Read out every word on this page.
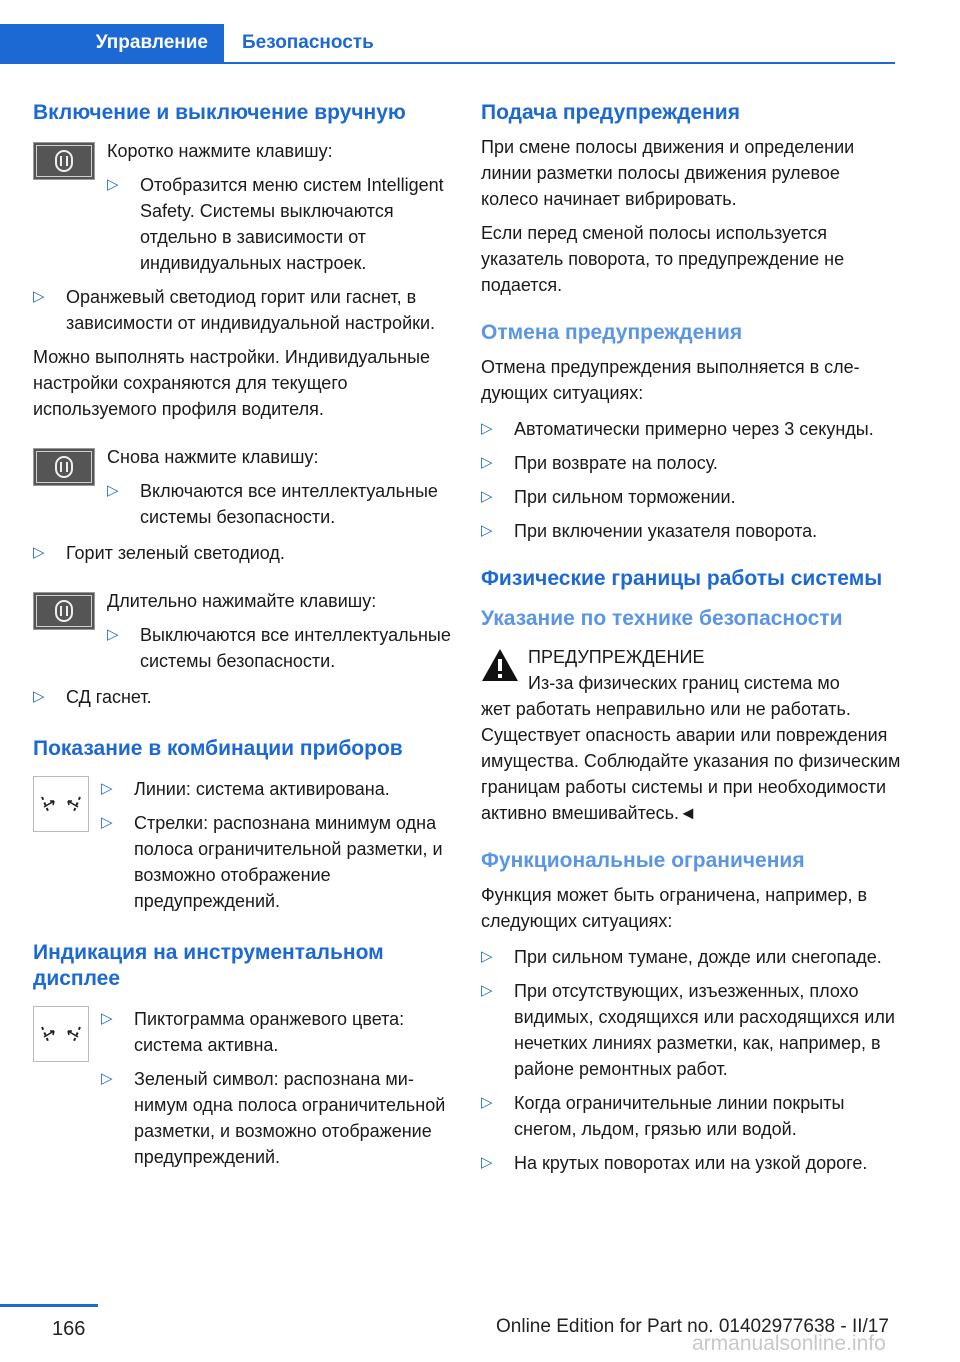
Управление	Безопасность
Включение и выключение вручную

Коротко нажмите клавишу:

▷ Отобразится меню систем Intelligent Safety. Системы выключаются отдельно в зависимости от индивидуальных настроек.
▷ Оранжевый светодиод горит или гаснет, в зависимости от индивидуальной настройки.

Можно выполнять настройки. Индивидуальные настройки сохраняются для текущего используемого профиля водителя.

Снова нажмите клавишу:

▷ Включаются все интеллектуальные системы безопасности.
▷ Горит зеленый светодиод.

Длительно нажимайте клавишу:

▷ Выключаются все интеллектуальные системы безопасности.
▷ СД гаснет.
Показание в комбинации приборов
▷ Линии: система активирована.
▷ Стрелки: распознана минимум одна полоса ограничительной разметки, и возможно отображение предупреждений.
Индикация на инструментальном дисплее
▷ Пиктограмма оранжевого цвета: система активна.
▷ Зеленый символ: распознана минимум одна полоса ограничительной разметки, и возможно отображение предупреждений.
Подача предупреждения

При смене полосы движения и определении линии разметки полосы движения рулевое колесо начинает вибрировать.

Если перед сменой полосы используется указатель поворота, то предупреждение не подается.

Отмена предупреждения

Отмена предупреждения выполняется в следующих ситуациях:

▷ Автоматически примерно через 3 секунды.
▷ При возврате на полосу.
▷ При сильном торможении.
▷ При включении указателя поворота.
Физические границы работы системы
Указание по технике безопасности

ПРЕДУПРЕЖДЕНИЕ

Из-за физических границ система мо

жет работать неправильно или не работать. Существует опасность аварии или повреждения имущества. Соблюдайте указания по физическим границам работы системы и при необходимости активно вмешивайтесь.◄

Функциональные ограничения

Функция может быть ограничена, например, в следующих ситуациях:

▷ При сильном тумане, дожде или снегопаде.
▷ При отсутствующих, изъезженных, плохо видимых, сходящихся или расходящихся или нечетких линиях разметки, как, например, в районе ремонтных работ.
▷ Когда ограничительные линии покрыты снегом, льдом, грязью или водой.
▷ На крутых поворотах или на узкой дороге.
166	Online Edition for Part no. 01402977638 - II/17
armanualsonline.info
